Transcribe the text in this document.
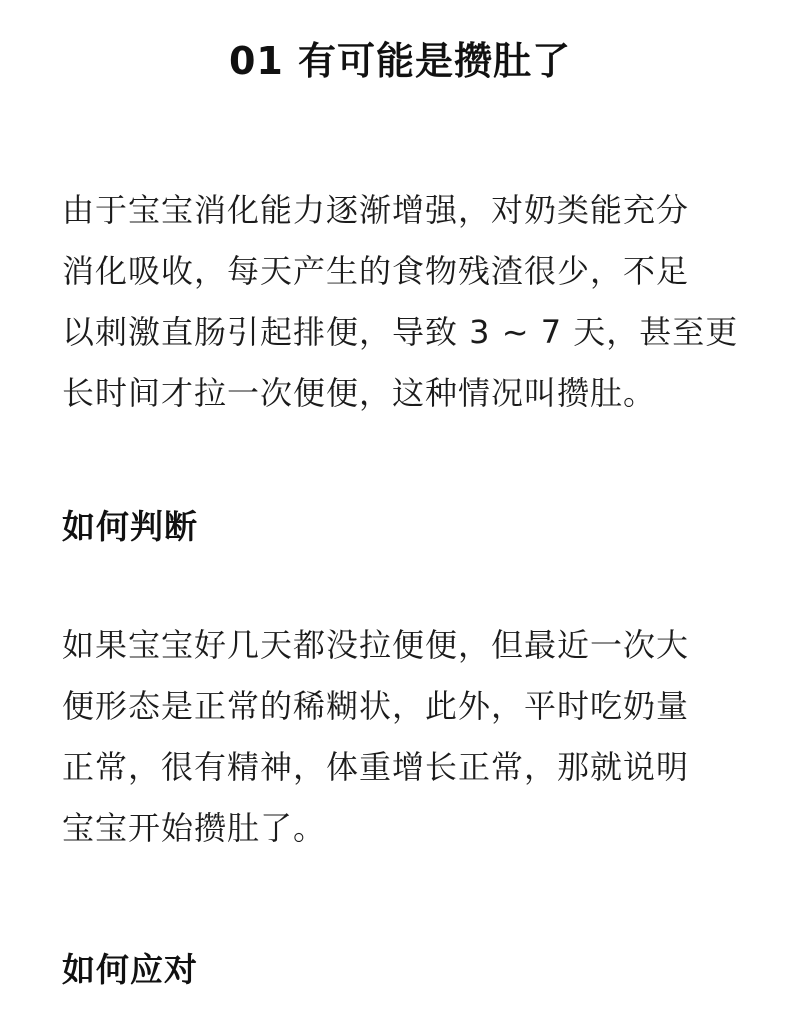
01 有可能是攒肚了

由于宝宝消化能力逐渐增强，对奶类能充分
消化吸收，每天产生的食物残渣很少，不足
以刺激直肠引起排便，导致 3 ~ 7 天，甚至更
长时间才拉一次便便，这种情况叫攒肚。

如何判断

如果宝宝好几天都没拉便便，但最近一次大
便形态是正常的稀糊状，此外，平时吃奶量
正常，很有精神，体重增长正常，那就说明
宝宝开始攒肚了。

如何应对
